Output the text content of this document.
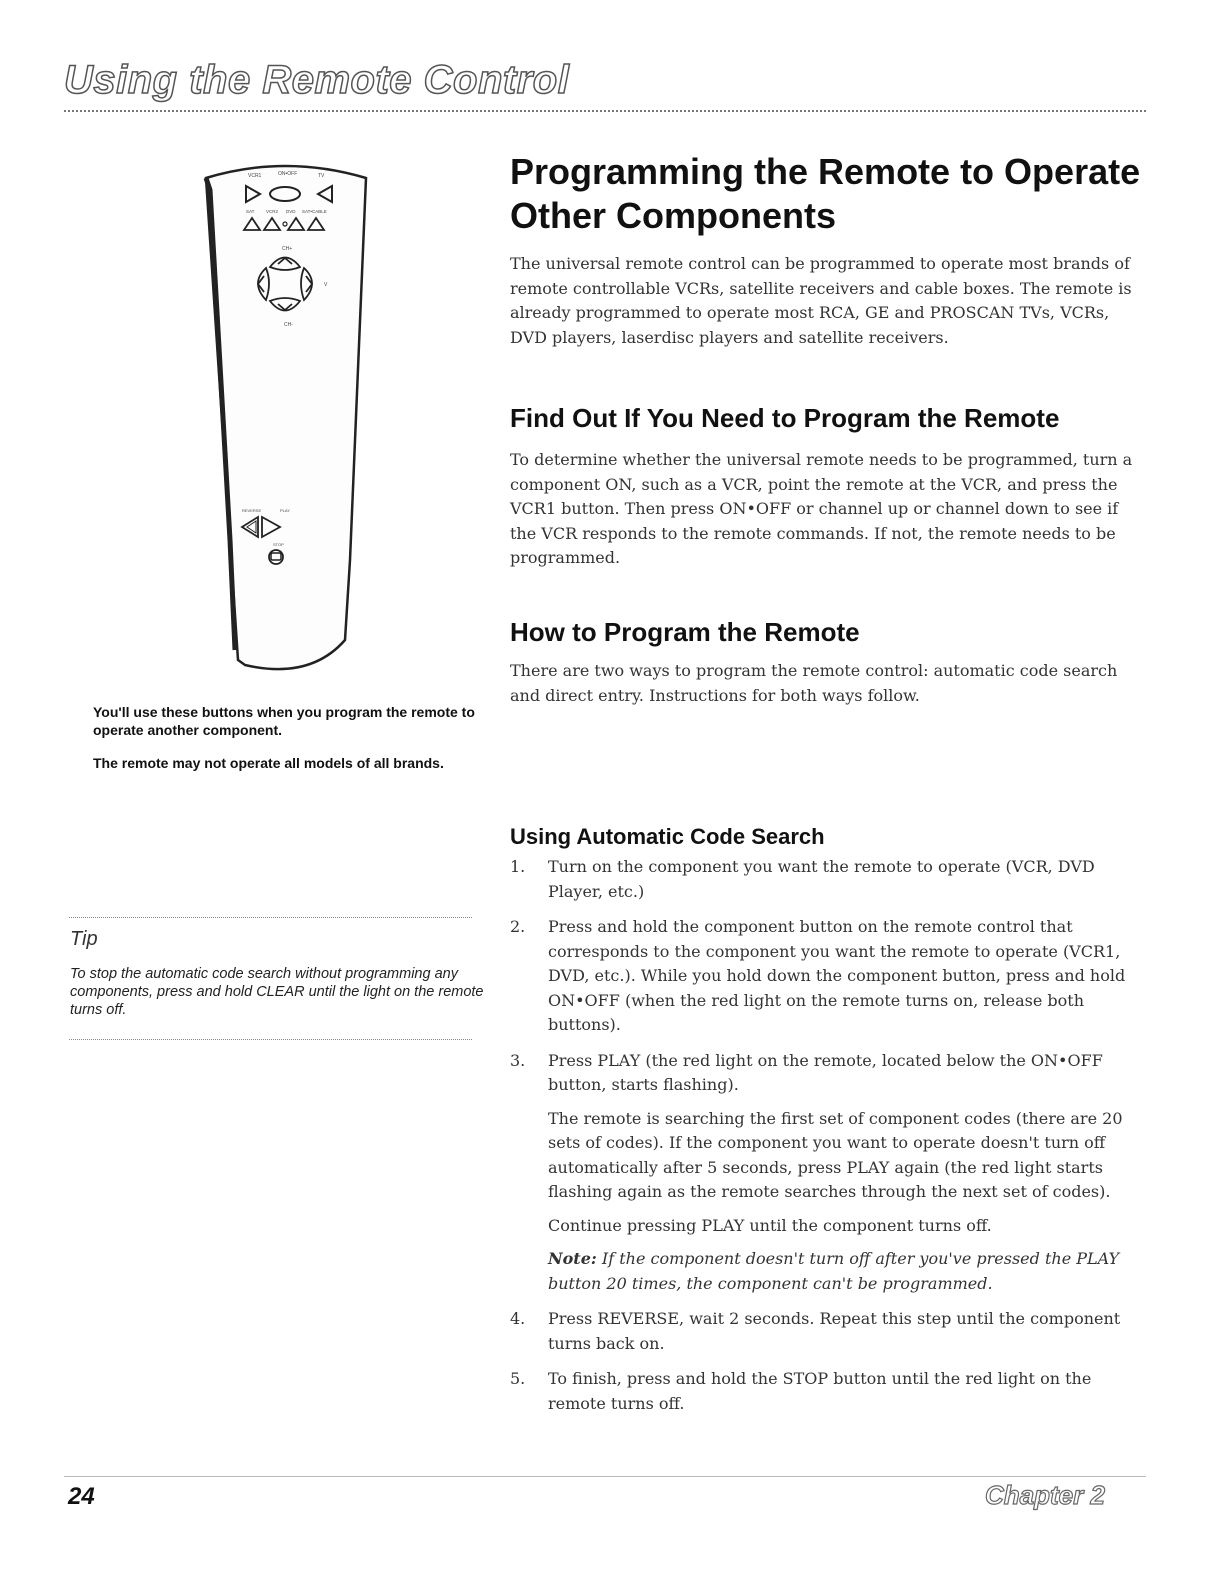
Using the Remote Control
VCR1	ON•OFF	TV
SAT	VCR2 DVD SAT•CABLE
CH+
V
CH-
REVERSE	PLAY
STOP
You'll use these buttons when you program the remote to operate another component.
The remote may not operate all models of all brands.
Tip
To stop the automatic code search without programming any components, press and hold CLEAR until the light on the remote turns off.
Programming the Remote to Operate Other Components

The universal remote control can be programmed to operate most brands of remote controllable VCRs, satellite receivers and cable boxes. The remote is already programmed to operate most RCA, GE and PROSCAN TVs, VCRs, DVD players, laserdisc players and satellite receivers.

Find Out If You Need to Program the Remote

To determine whether the universal remote needs to be programmed, turn a component ON, such as a VCR, point the remote at the VCR, and press the VCR1 button. Then press ON•OFF or channel up or channel down to see if the VCR responds to the remote commands. If not, the remote needs to be programmed.

How to Program the Remote

There are two ways to program the remote control: automatic code search and direct entry. Instructions for both ways follow.

Using Automatic Code Search
1. Turn on the component you want the remote to operate (VCR, DVD Player, etc.)
2. Press and hold the component button on the remote control that corresponds to the component you want the remote to operate (VCR1, DVD, etc.). While you hold down the component button, press and hold ON•OFF (when the red light on the remote turns on, release both buttons).
3. Press PLAY (the red light on the remote, located below the ON•OFF button, starts flashing).
The remote is searching the first set of component codes (there are 20 sets of codes). If the component you want to operate doesn't turn off automatically after 5 seconds, press PLAY again (the red light starts flashing again as the remote searches through the next set of codes).
Continue pressing PLAY until the component turns off.
Note: If the component doesn't turn off after you've pressed the PLAY button 20 times, the component can't be programmed.
4. Press REVERSE, wait 2 seconds. Repeat this step until the component turns back on.
5. To finish, press and hold the STOP button until the red light on the remote turns off.
24	Chapter 2
